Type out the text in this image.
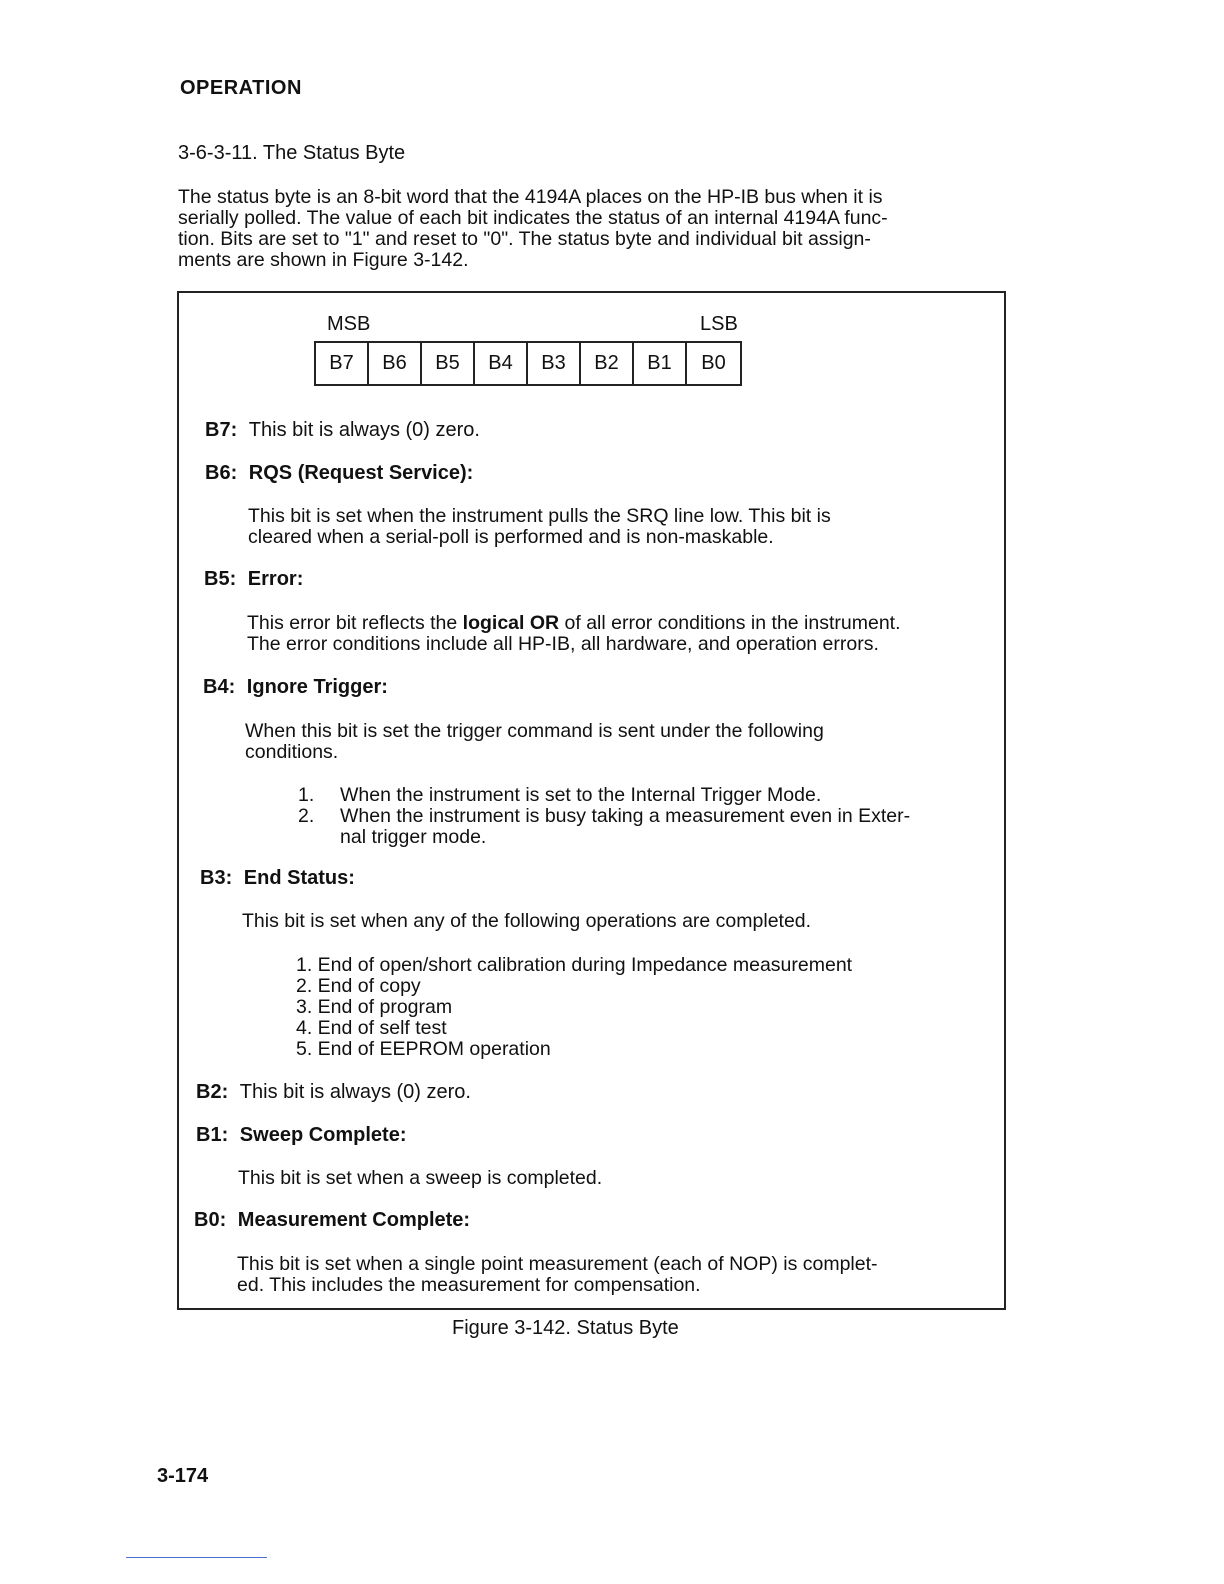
OPERATION
3-6-3-11. The Status Byte

The status byte is an 8-bit word that the 4194A places on the HP-IB bus when it is

serially polled. The value of each bit indicates the status of an internal 4194A func-

tion. Bits are set to "1" and reset to "0". The status byte and individual bit assign-

ments are shown in Figure 3-142.

MSB	LSB
B7	B6	B5	B4	B3	B2	B1	B0
B7: This bit is always (0) zero.
B6: RQS (Request Service):

This bit is set when the instrument pulls the SRQ line low. This bit is

cleared when a serial-poll is performed and is non-maskable.

B5: Error:

This error bit reflects the logical OR of all error conditions in the instrument.

The error conditions include all HP-IB, all hardware, and operation errors.

B4: Ignore Trigger:

When this bit is set the trigger command is sent under the following

conditions.

1.	When the instrument is set to the Internal Trigger Mode.
2.	When the instrument is busy taking a measurement even in Exter-
nal trigger mode.
B3: End Status:
This bit is set when any of the following operations are completed.
1. End of open/short calibration during Impedance measurement
2. End of copy
3. End of program
4. End of self test
5. End of EEPROM operation
B2: This bit is always (0) zero.
B1: Sweep Complete:
This bit is set when a sweep is completed.
B0: Measurement Complete:

This bit is set when a single point measurement (each of NOP) is complet-

ed. This includes the measurement for compensation.

Figure 3-142. Status Byte
3-174
